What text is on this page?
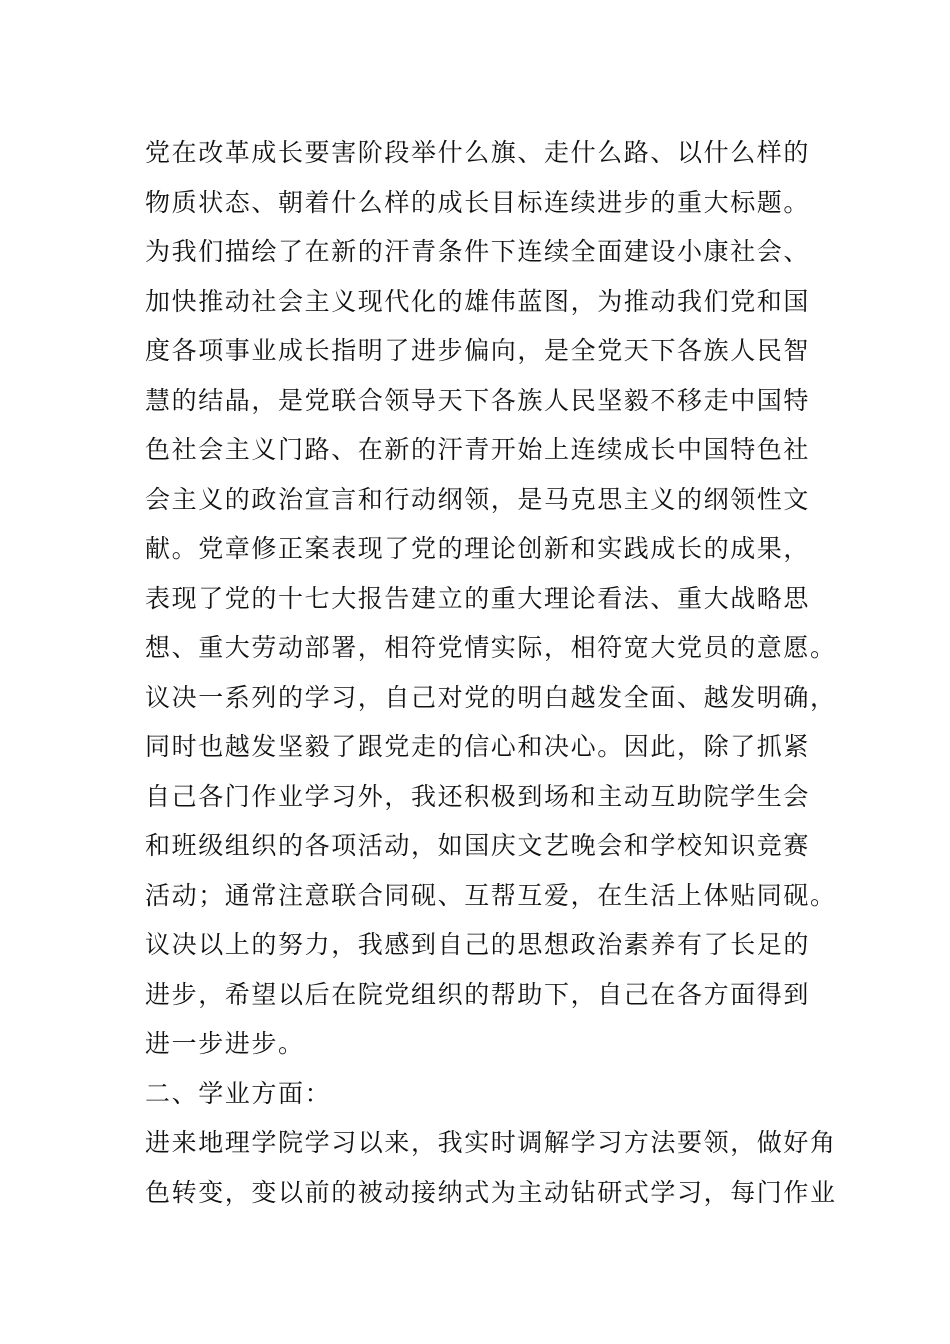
党在改革成长要害阶段举什么旗、走什么路、以什么样的
物质状态、朝着什么样的成长目标连续进步的重大标题。
为我们描绘了在新的汗青条件下连续全面建设小康社会、
加快推动社会主义现代化的雄伟蓝图，为推动我们党和国
度各项事业成长指明了进步偏向，是全党天下各族人民智
慧的结晶，是党联合领导天下各族人民坚毅不移走中国特
色社会主义门路、在新的汗青开始上连续成长中国特色社
会主义的政治宣言和行动纲领，是马克思主义的纲领性文
献。党章修正案表现了党的理论创新和实践成长的成果，
表现了党的十七大报告建立的重大理论看法、重大战略思
想、重大劳动部署，相符党情实际，相符宽大党员的意愿。
议决一系列的学习，自己对党的明白越发全面、越发明确，
同时也越发坚毅了跟党走的信心和决心。因此，除了抓紧
自己各门作业学习外，我还积极到场和主动互助院学生会
和班级组织的各项活动，如国庆文艺晚会和学校知识竞赛
活动；通常注意联合同砚、互帮互爱，在生活上体贴同砚。
议决以上的努力，我感到自己的思想政治素养有了长足的
进步，希望以后在院党组织的帮助下，自己在各方面得到
进一步进步。
二、学业方面：
进来地理学院学习以来，我实时调解学习方法要领，做好角
色转变，变以前的被动接纳式为主动钻研式学习，每门作业
